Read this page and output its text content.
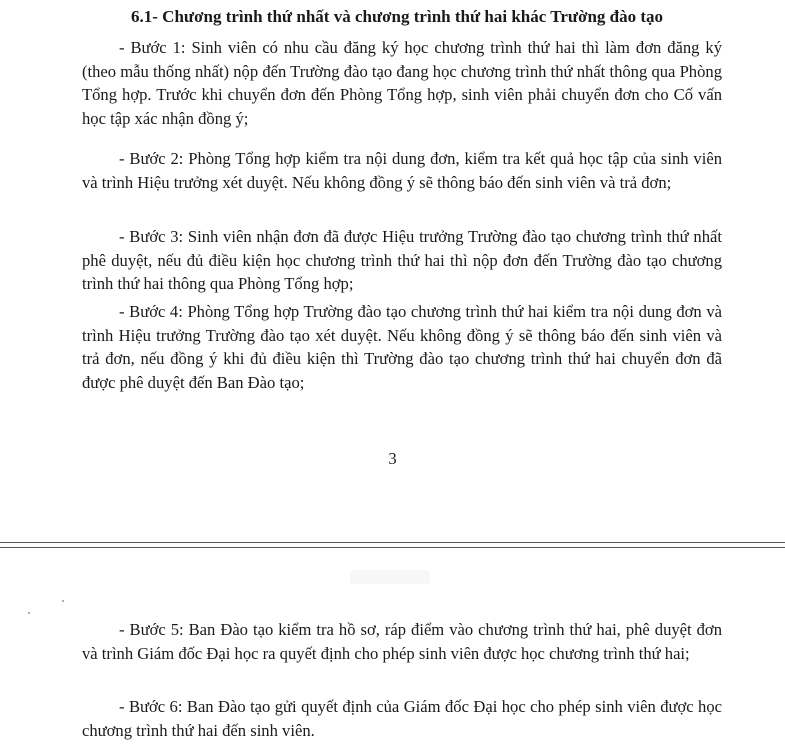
6.1- Chương trình thứ nhất và chương trình thứ hai khác Trường đào tạo

- Bước 1: Sinh viên có nhu cầu đăng ký học chương trình thứ hai thì làm đơn đăng ký (theo mẫu thống nhất) nộp đến Trường đào tạo đang học chương trình thứ nhất thông qua Phòng Tổng hợp. Trước khi chuyển đơn đến Phòng Tổng hợp, sinh viên phải chuyển đơn cho Cố vấn học tập xác nhận đồng ý;

- Bước 2: Phòng Tổng hợp kiểm tra nội dung đơn, kiểm tra kết quả học tập của sinh viên và trình Hiệu trưởng xét duyệt. Nếu không đồng ý sẽ thông báo đến sinh viên và trả đơn;

- Bước 3: Sinh viên nhận đơn đã được Hiệu trưởng Trường đào tạo chương trình thứ nhất phê duyệt, nếu đủ điều kiện học chương trình thứ hai thì nộp đơn đến Trường đào tạo chương trình thứ hai thông qua Phòng Tổng hợp;

- Bước 4: Phòng Tổng hợp Trường đào tạo chương trình thứ hai kiểm tra nội dung đơn và trình Hiệu trưởng Trường đào tạo xét duyệt. Nếu không đồng ý sẽ thông báo đến sinh viên và trả đơn, nếu đồng ý khi đủ điều kiện thì Trường đào tạo chương trình thứ hai chuyển đơn đã được phê duyệt đến Ban Đào tạo;

3

- Bước 5: Ban Đào tạo kiểm tra hồ sơ, ráp điểm vào chương trình thứ hai, phê duyệt đơn và trình Giám đốc Đại học ra quyết định cho phép sinh viên được học chương trình thứ hai;

- Bước 6: Ban Đào tạo gửi quyết định của Giám đốc Đại học cho phép sinh viên được học chương trình thứ hai đến sinh viên.
